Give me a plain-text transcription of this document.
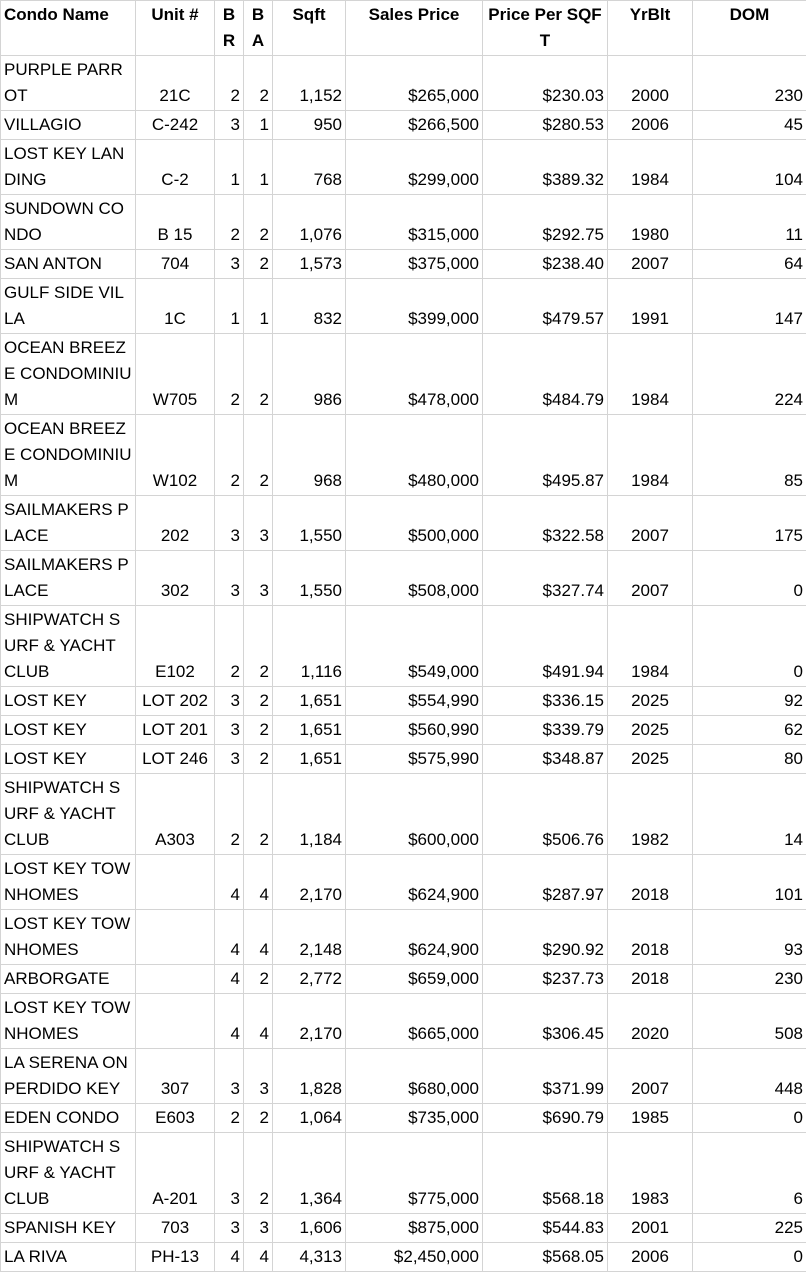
Condo Name	Unit #	BR	BA	Sqft	Sales Price	Price Per SQFT	YrBlt	DOM
PURPLE PARROT	21C	2	2	1,152	$265,000	$230.03	2000	230
VILLAGIO	C-242	3	1	950	$266,500	$280.53	2006	45
LOST KEY LANDING	C-2	1	1	768	$299,000	$389.32	1984	104
SUNDOWN CONDO	B 15	2	2	1,076	$315,000	$292.75	1980	11
SAN ANTON	704	3	2	1,573	$375,000	$238.40	2007	64
GULF SIDE VILLA	1C	1	1	832	$399,000	$479.57	1991	147
OCEAN BREEZE CONDOMINIUM	W705	2	2	986	$478,000	$484.79	1984	224
OCEAN BREEZE CONDOMINIUM	W102	2	2	968	$480,000	$495.87	1984	85
SAILMAKERS PLACE	202	3	3	1,550	$500,000	$322.58	2007	175
SAILMAKERS PLACE	302	3	3	1,550	$508,000	$327.74	2007	0
SHIPWATCH SURF & YACHT CLUB	E102	2	2	1,116	$549,000	$491.94	1984	0
LOST KEY	LOT 202	3	2	1,651	$554,990	$336.15	2025	92
LOST KEY	LOT 201	3	2	1,651	$560,990	$339.79	2025	62
LOST KEY	LOT 246	3	2	1,651	$575,990	$348.87	2025	80
SHIPWATCH SURF & YACHT CLUB	A303	2	2	1,184	$600,000	$506.76	1982	14
LOST KEY TOWNHOMES		4	4	2,170	$624,900	$287.97	2018	101
LOST KEY TOWNHOMES		4	4	2,148	$624,900	$290.92	2018	93
ARBORGATE		4	2	2,772	$659,000	$237.73	2018	230
LOST KEY TOWNHOMES		4	4	2,170	$665,000	$306.45	2020	508
LA SERENA ON PERDIDO KEY	307	3	3	1,828	$680,000	$371.99	2007	448
EDEN CONDO	E603	2	2	1,064	$735,000	$690.79	1985	0
SHIPWATCH SURF & YACHT CLUB	A-201	3	2	1,364	$775,000	$568.18	1983	6
SPANISH KEY	703	3	3	1,606	$875,000	$544.83	2001	225
LA RIVA	PH-13	4	4	4,313	$2,450,000	$568.05	2006	0
